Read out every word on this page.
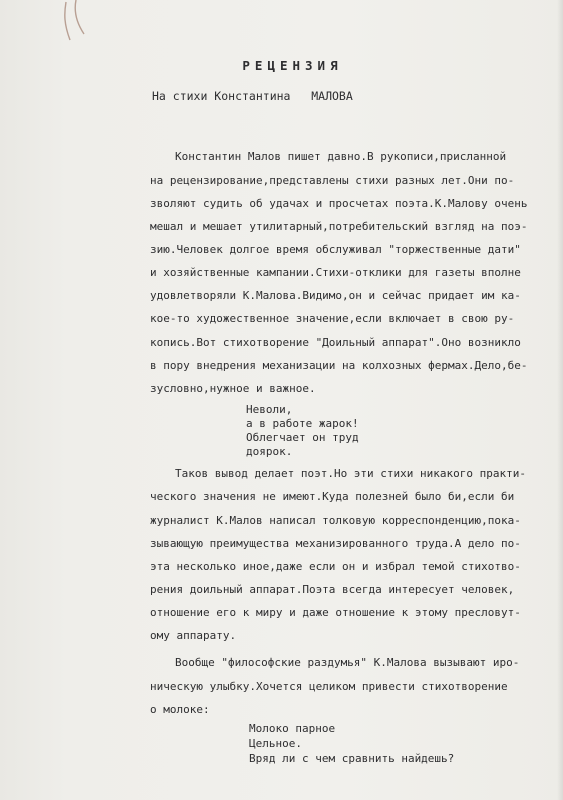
РЕЦЕНЗИЯ
На стихи Константина   МАЛОВА
Константин Малов пишет давно.В рукописи,присланной
на рецензирование,представлены стихи разных лет.Они по-
зволяют судить об удачах и просчетах поэта.К.Малову очень
мешал и мешает утилитарный,потребительский взгляд на поэ-
зию.Человек долгое время обслуживал "торжественные дати"
и хозяйственные кампании.Стихи-отклики для газеты вполне
удовлетворяли К.Малова.Видимо,он и сейчас придает им ка-
кое-то художественное значение,если включает в свою ру-
копись.Вот стихотворение "Доильный аппарат".Оно возникло
в пору внедрения механизации на колхозных фермах.Дело,бе-
зусловно,нужное и важное.
Неволи,
а в работе жарок!
Облегчает он труд
доярок.
Таков вывод делает поэт.Но эти стихи никакого практи-
ческого значения не имеют.Куда полезней было би,если би
журналист К.Малов написал толковую корреспонденцию,пока-
зывающую преимущества механизированного труда.А дело по-
эта несколько иное,даже если он и избрал темой стихотво-
рения доильный аппарат.Поэта всегда интересует человек,
отношение его к миру и даже отношение к этому пресловут-
ому аппарату.
Вообще "философские раздумья" К.Малова вызывают иро-
ническую улыбку.Хочется целиком привести стихотворение
о молоке:
Молоко парное
Цельное.
Вряд ли с чем сравнить найдешь?
